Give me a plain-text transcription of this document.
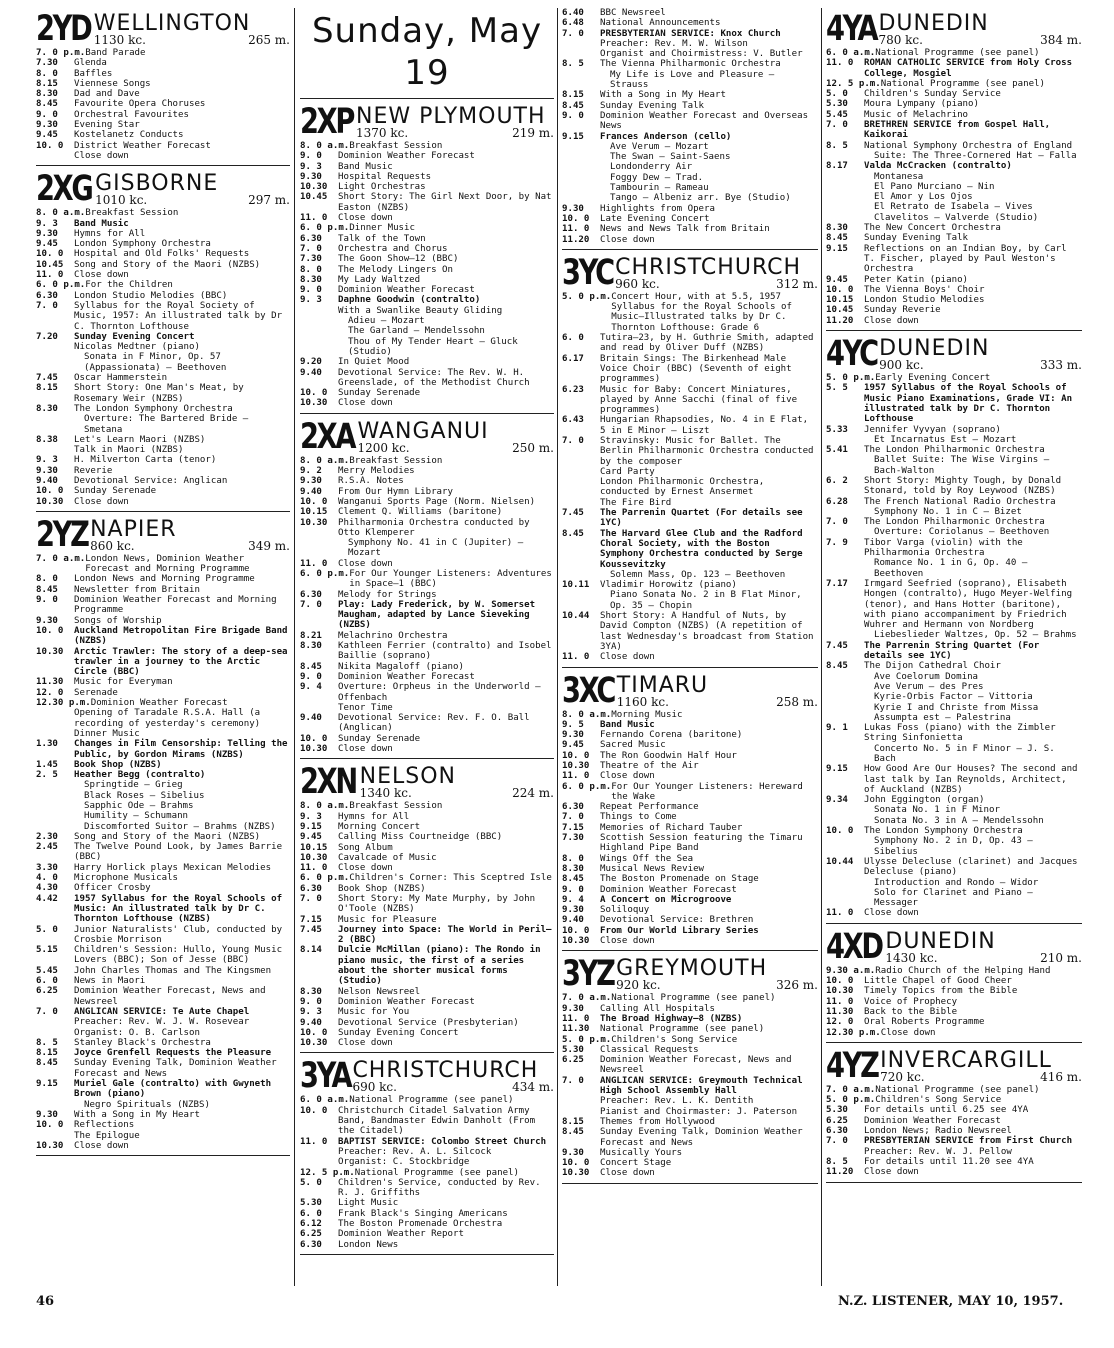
2YD WELLINGTON
1130 kc.	265 m.
7. 0 p.m. Band Parade
7.30	Glenda
8. 0	Baffles
8.15	Viennese Songs
8.30	Dad and Dave
8.45	Favourite Opera Choruses
9. 0	Orchestral Favourites
9.30	Evening Star
9.45	Kostelanetz Conducts
10. 0	District Weather Forecast
Close down
2XG GISBORNE
1010 kc.	297 m.
8. 0 a.m. Breakfast Session
9. 3	Band Music
9.30	Hymns for All
9.45	London Symphony Orchestra
10. 0	Hospital and Old Folks' Requests
10.45	Song and Story of the Maori (NZBS)
11. 0	Close down
6. 0 p.m. For the Children
6.30	London Studio Melodies (BBC)
7. 0	Syllabus for the Royal Society of Music, 1957: An illustrated talk by Dr C. Thornton Lofthouse
7.20	Sunday Evening Concert
Nicolas Medtner (piano)
Sonata in F Minor, Op. 57 (Appassionata) — Beethoven
7.45	Oscar Hammerstein
8.15	Short Story: One Man's Meat, by Rosemary Weir (NZBS)
8.30	The London Symphony Orchestra
Overture: The Bartered Bride — Smetana
8.38	Let's Learn Maori (NZBS)
Talk in Maori (NZBS)
9. 3	H. Milverton Carta (tenor)
9.30	Reverie
9.40	Devotional Service: Anglican
10. 0	Sunday Serenade
10.30	Close down
2YZ NAPIER
860 kc.	349 m.
7. 0 a.m. London News, Dominion Weather Forecast and Morning Programme
8. 0	London News and Morning Programme
8.45	Newsletter from Britain
9. 0	Dominion Weather Forecast and Morning Programme
9.30	Songs of Worship
10. 0	Auckland Metropolitan Fire Brigade Band (NZBS)
10.30	Arctic Trawler: The story of a deep-sea trawler in a journey to the Arctic Circle (BBC)
11.30	Music for Everyman
12. 0	Serenade
12.30 p.m. Dominion Weather Forecast
Opening of Taradale R.S.A. Hall (a recording of yesterday's ceremony)
Dinner Music
1.30	Changes in Film Censorship: Telling the Public, by Gordon Mirams (NZBS)
1.45	Book Shop (NZBS)
2. 5	Heather Begg (contralto)
Springtide — Grieg
Black Roses — Sibelius
Sapphic Ode — Brahms
Humility — Schumann
Discomforted Suitor — Brahms (NZBS)
2.30	Song and Story of the Maori (NZBS)
2.45	The Twelve Pound Look, by James Barrie (BBC)
3.30	Harry Horlick plays Mexican Melodies
4. 0	Microphone Musicals
4.30	Officer Crosby
4.42	1957 Syllabus for the Royal Schools of Music: An illustrated talk by Dr C. Thornton Lofthouse (NZBS)
5. 0	Junior Naturalists' Club, conducted by Crosbie Morrison
5.15	Children's Session: Hullo, Young Music Lovers (BBC); Son of Jesse (BBC)
5.45	John Charles Thomas and The Kingsmen
6. 0	News in Maori
6.25	Dominion Weather Forecast, News and Newsreel
7. 0	ANGLICAN SERVICE: Te Aute Chapel
Preacher: Rev. W. J. W. Rosevear
Organist: O. B. Carlson
8. 5	Stanley Black's Orchestra
8.15	Joyce Grenfell Requests the Pleasure
8.45	Sunday Evening Talk, Dominion Weather Forecast and News
9.15	Muriel Gale (contralto) with Gwyneth Brown (piano)
Negro Spirituals (NZBS)
9.30	With a Song in My Heart
10. 0	Reflections
The Epilogue
10.30	Close down
Sunday, May 19
2XP NEW PLYMOUTH
1370 kc.	219 m.
8. 0 a.m. Breakfast Session
9. 0	Dominion Weather Forecast
9. 3	Band Music
9.30	Hospital Requests
10.30	Light Orchestras
10.45	Short Story: The Girl Next Door, by Nat Easton (NZBS)
11. 0	Close down
6. 0 p.m. Dinner Music
6.30	Talk of the Town
7. 0	Orchestra and Chorus
7.30	The Goon Show—12 (BBC)
8. 0	The Melody Lingers On
8.30	My Lady Waltzed
9. 0	Dominion Weather Forecast
9. 3	Daphne Goodwin (contralto)
With a Swanlike Beauty Gliding
Adieu — Mozart
The Garland — Mendelssohn
Thou of My Tender Heart — Gluck (Studio)
9.20	In Quiet Mood
9.40	Devotional Service: The Rev. W. H. Greenslade, of the Methodist Church
10. 0	Sunday Serenade
10.30	Close down
2XA WANGANUI
1200 kc.	250 m.
8. 0 a.m. Breakfast Session
9. 2	Merry Melodies
9.30	R.S.A. Notes
9.40	From Our Hymn Library
10. 0	Wanganui Sports Page (Norm. Nielsen)
10.15	Clement Q. Williams (baritone)
10.30	Philharmonia Orchestra conducted by Otto Klemperer
Symphony No. 41 in C (Jupiter) — Mozart
11. 0	Close down
6. 0 p.m. For Our Younger Listeners: Adventures in Space—1 (BBC)
6.30	Melody for Strings
7. 0	Play: Lady Frederick, by W. Somerset Maugham, adapted by Lance Sieveking (NZBS)
8.21	Melachrino Orchestra
8.30	Kathleen Ferrier (contralto) and Isobel Baillie (soprano)
8.45	Nikita Magaloff (piano)
9. 0	Dominion Weather Forecast
9. 4	Overture: Orpheus in the Underworld — Offenbach
Tenor Time
9.40	Devotional Service: Rev. F. O. Ball (Anglican)
10. 0	Sunday Serenade
10.30	Close down
2XN NELSON
1340 kc.	224 m.
8. 0 a.m. Breakfast Session
9. 3	Hymns for All
9.15	Morning Concert
9.45	Calling Miss Courtneidge (BBC)
10.15	Song Album
10.30	Cavalcade of Music
11. 0	Close down
6. 0 p.m. Children's Corner: This Sceptred Isle
6.30	Book Shop (NZBS)
7. 0	Short Story: My Mate Murphy, by John O'Toole (NZBS)
7.15	Music for Pleasure
7.45	Journey into Space: The World in Peril—2 (BBC)
8.14	Dulcie McMillan (piano): The Rondo in piano music, the first of a series about the shorter musical forms (Studio)
8.30	Nelson Newsreel
9. 0	Dominion Weather Forecast
9. 3	Music for You
9.40	Devotional Service (Presbyterian)
10. 0	Sunday Evening Concert
10.30	Close down
3YA CHRISTCHURCH
690 kc.	434 m.
6. 0 a.m. National Programme (see panel)
10. 0	Christchurch Citadel Salvation Army Band, Bandmaster Edwin Danholt (From the Citadel)
11. 0	BAPTIST SERVICE: Colombo Street Church
Preacher: Rev. A. L. Silcock
Organist: C. Stockbridge
12. 5 p.m. National Programme (see panel)
5. 0	Children's Service, conducted by Rev. R. J. Griffiths
5.30	Light Music
6. 0	Frank Black's Singing Americans
6.12	The Boston Promenade Orchestra
6.25	Dominion Weather Report
6.30	London News
6.40	BBC Newsreel
6.48	National Announcements
7. 0	PRESBYTERIAN SERVICE: Knox Church
Preacher: Rev. M. W. Wilson
Organist and Choirmistress: V. Butler
8. 5	The Vienna Philharmonic Orchestra
My Life is Love and Pleasure — Strauss
8.15	With a Song in My Heart
8.45	Sunday Evening Talk
9. 0	Dominion Weather Forecast and Overseas News
9.15	Frances Anderson (cello)
Ave Verum — Mozart
The Swan — Saint-Saens
Londonderry Air
Foggy Dew — Trad.
Tambourin — Rameau
Tango — Albeniz arr. Bye (Studio)
9.30	Highlights from Opera
10. 0	Late Evening Concert
11. 0	News and News Talk from Britain
11.20	Close down
3YC CHRISTCHURCH
960 kc.	312 m.
5. 0 p.m. Concert Hour, with at 5.5, 1957 Syllabus for the Royal Schools of Music—Illustrated talks by Dr C. Thornton Lofthouse: Grade 6
6. 0	Tutira—23, by H. Guthrie Smith, adapted and read by Oliver Duff (NZBS)
6.17	Britain Sings: The Birkenhead Male Voice Choir (BBC) (Seventh of eight programmes)
6.23	Music for Baby: Concert Miniatures, played by Anne Sacchi (final of five programmes)
6.43	Hungarian Rhapsodies, No. 4 in E Flat, 5 in E Minor — Liszt
7. 0	Stravinsky: Music for Ballet. The Berlin Philharmonic Orchestra conducted by the composer
Card Party
London Philharmonic Orchestra, conducted by Ernest Ansermet
The Fire Bird
7.45	The Parrenin Quartet (For details see 1YC)
8.45	The Harvard Glee Club and the Radford Choral Society, with the Boston Symphony Orchestra conducted by Serge Koussevitzky
Solemn Mass, Op. 123 — Beethoven
10.11	Vladimir Horowitz (piano)
Piano Sonata No. 2 in B Flat Minor, Op. 35 — Chopin
10.44	Short Story: A Handful of Nuts, by David Compton (NZBS) (A repetition of last Wednesday's broadcast from Station 3YA)
11. 0	Close down
3XC TIMARU
1160 kc.	258 m.
8. 0 a.m. Morning Music
9. 5	Band Music
9.30	Fernando Corena (baritone)
9.45	Sacred Music
10. 0	The Ron Goodwin Half Hour
10.30	Theatre of the Air
11. 0	Close down
6. 0 p.m. For Our Younger Listeners: Hereward the Wake
6.30	Repeat Performance
7. 0	Things to Come
7.15	Memories of Richard Tauber
7.30	Scottish Session featuring the Timaru Highland Pipe Band
8. 0	Wings Off the Sea
8.30	Musical News Review
8.45	The Boston Promenade on Stage
9. 0	Dominion Weather Forecast
9. 4	A Concert on Microgroove
9.30	Soliloquy
9.40	Devotional Service: Brethren
10. 0	From Our World Library Series
10.30	Close down
3YZ GREYMOUTH
920 kc.	326 m.
7. 0 a.m. National Programme (see panel)
9.30	Calling All Hospitals
11. 0	The Broad Highway—8 (NZBS)
11.30	National Programme (see panel)
5. 0 p.m. Children's Song Service
5.30	Classical Requests
6.25	Dominion Weather Forecast, News and Newsreel
7. 0	ANGLICAN SERVICE: Greymouth Technical High School Assembly Hall
Preacher: Rev. L. K. Dentith
Pianist and Choirmaster: J. Paterson
8.15	Themes from Hollywood
8.45	Sunday Evening Talk, Dominion Weather Forecast and News
9.30	Musically Yours
10. 0	Concert Stage
10.30	Close down
4YA DUNEDIN
780 kc.	384 m.
6. 0 a.m. National Programme (see panel)
11. 0	ROMAN CATHOLIC SERVICE from Holy Cross College, Mosgiel
12. 5 p.m. National Programme (see panel)
5. 0	Children's Sunday Service
5.30	Moura Lympany (piano)
5.45	Music of Melachrino
7. 0	BRETHREN SERVICE from Gospel Hall, Kaikorai
8. 5	National Symphony Orchestra of England
Suite: The Three-Cornered Hat — Falla
8.17	Valda McCracken (contralto)
Montanesa
El Pano Murciano — Nin
El Amor y Los Ojos
El Retrato de Isabela — Vives
Clavelitos — Valverde (Studio)
8.30	The New Concert Orchestra
8.45	Sunday Evening Talk
9.15	Reflections on an Indian Boy, by Carl T. Fischer, played by Paul Weston's Orchestra
9.45	Peter Katin (piano)
10. 0	The Vienna Boys' Choir
10.15	London Studio Melodies
10.45	Sunday Reverie
11.20	Close down
4YC DUNEDIN
900 kc.	333 m.
5. 0 p.m. Early Evening Concert
5. 5	1957 Syllabus of the Royal Schools of Music Piano Examinations, Grade VI: An illustrated talk by Dr C. Thornton Lofthouse
5.33	Jennifer Vyvyan (soprano)
Et Incarnatus Est — Mozart
5.41	The London Philharmonic Orchestra
Ballet Suite: The Wise Virgins — Bach-Walton
6. 2	Short Story: Mighty Tough, by Donald Stonard, told by Roy Leywood (NZBS)
6.28	The French National Radio Orchestra
Symphony No. 1 in C — Bizet
7. 0	The London Philharmonic Orchestra
Overture: Coriolanus — Beethoven
7. 9	Tibor Varga (violin) with the Philharmonia Orchestra
Romance No. 1 in G, Op. 40 — Beethoven
7.17	Irmgard Seefried (soprano), Elisabeth Hongen (contralto), Hugo Meyer-Welfing (tenor), and Hans Hotter (baritone), with piano accompaniment by Friedrich Wuhrer and Hermann von Nordberg
Liebeslieder Waltzes, Op. 52 — Brahms
7.45	The Parrenin String Quartet (For details see 1YC)
8.45	The Dijon Cathedral Choir
Ave Coelorum Domina
Ave Verum — des Pres
Kyrie-Orbis Factor — Vittoria
Kyrie I and Christe from Missa Assumpta est — Palestrina
9. 1	Lukas Foss (piano) with the Zimbler String Sinfonietta
Concerto No. 5 in F Minor — J. S. Bach
9.15	How Good Are Our Houses? The second and last talk by Ian Reynolds, Architect, of Auckland (NZBS)
9.34	John Eggington (organ)
Sonata No. 1 in F Minor
Sonata No. 3 in A — Mendelssohn
10. 0	The London Symphony Orchestra
Symphony No. 2 in D, Op. 43 — Sibelius
10.44	Ulysse Delecluse (clarinet) and Jacques Delecluse (piano)
Introduction and Rondo — Widor
Solo for Clarinet and Piano — Messager
11. 0	Close down
4XD DUNEDIN
1430 kc.	210 m.
9.30 a.m. Radio Church of the Helping Hand
10. 0	Little Chapel of Good Cheer
10.30	Timely Topics from the Bible
11. 0	Voice of Prophecy
11.30	Back to the Bible
12. 0	Oral Roberts Programme
12.30 p.m. Close down
4YZ INVERCARGILL
720 kc.	416 m.
7. 0 a.m. National Programme (see panel)
5. 0 p.m. Children's Song Service
5.30	For details until 6.25 see 4YA
6.25	Dominion Weather Forecast
6.30	London News; Radio Newsreel
7. 0	PRESBYTERIAN SERVICE from First Church
Preacher: Rev. W. J. Pellow
8. 5	For details until 11.20 see 4YA
11.20	Close down
46	N.Z. LISTENER, MAY 10, 1957.
